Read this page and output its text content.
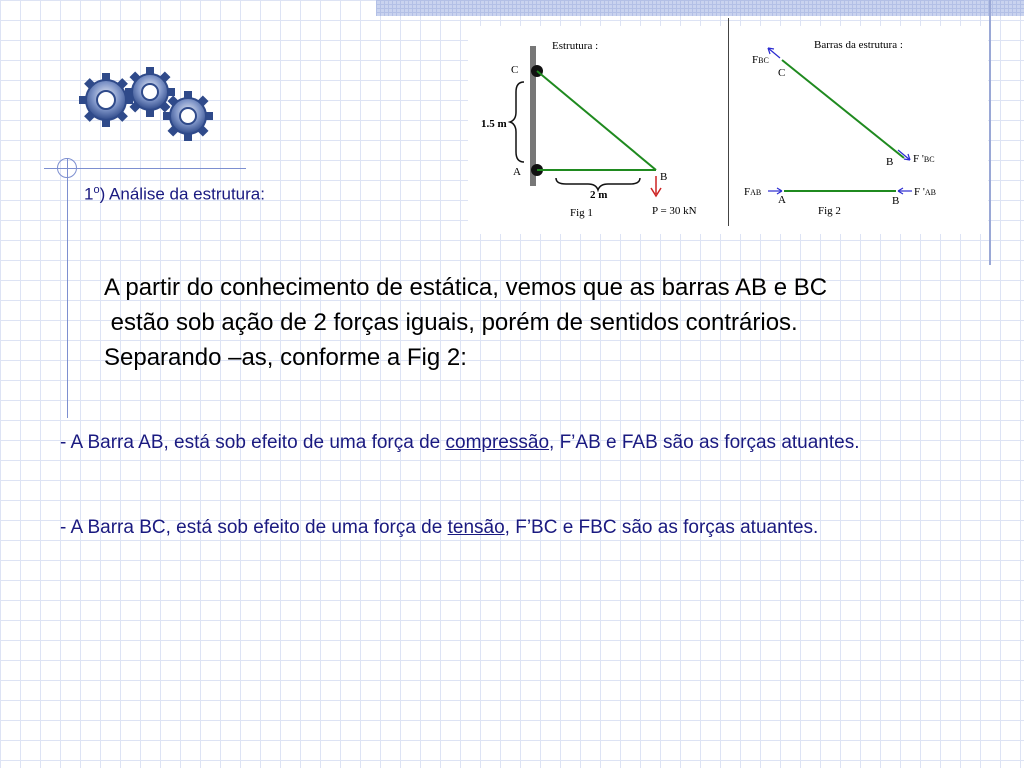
Estrutura :
C
A	B
1.5 m
2 m
Fig 1	P = 30 kN
Barras da estrutura :
FBC
C
B F 'BC
FAB	F 'AB
A	B
Fig 2
1$^o$) Análise da estrutura:
A partir do conhecimento de estática, vemos que as barras AB e BC
estão sob ação de 2 forças iguais, porém de sentidos contrários.
Separando –as, conforme a Fig 2:
- A Barra AB, está sob efeito de uma força de compressão, F’AB e FAB são as forças atuantes.
- A Barra BC, está sob efeito de uma força de tensão, F’BC e FBC são as forças atuantes.
